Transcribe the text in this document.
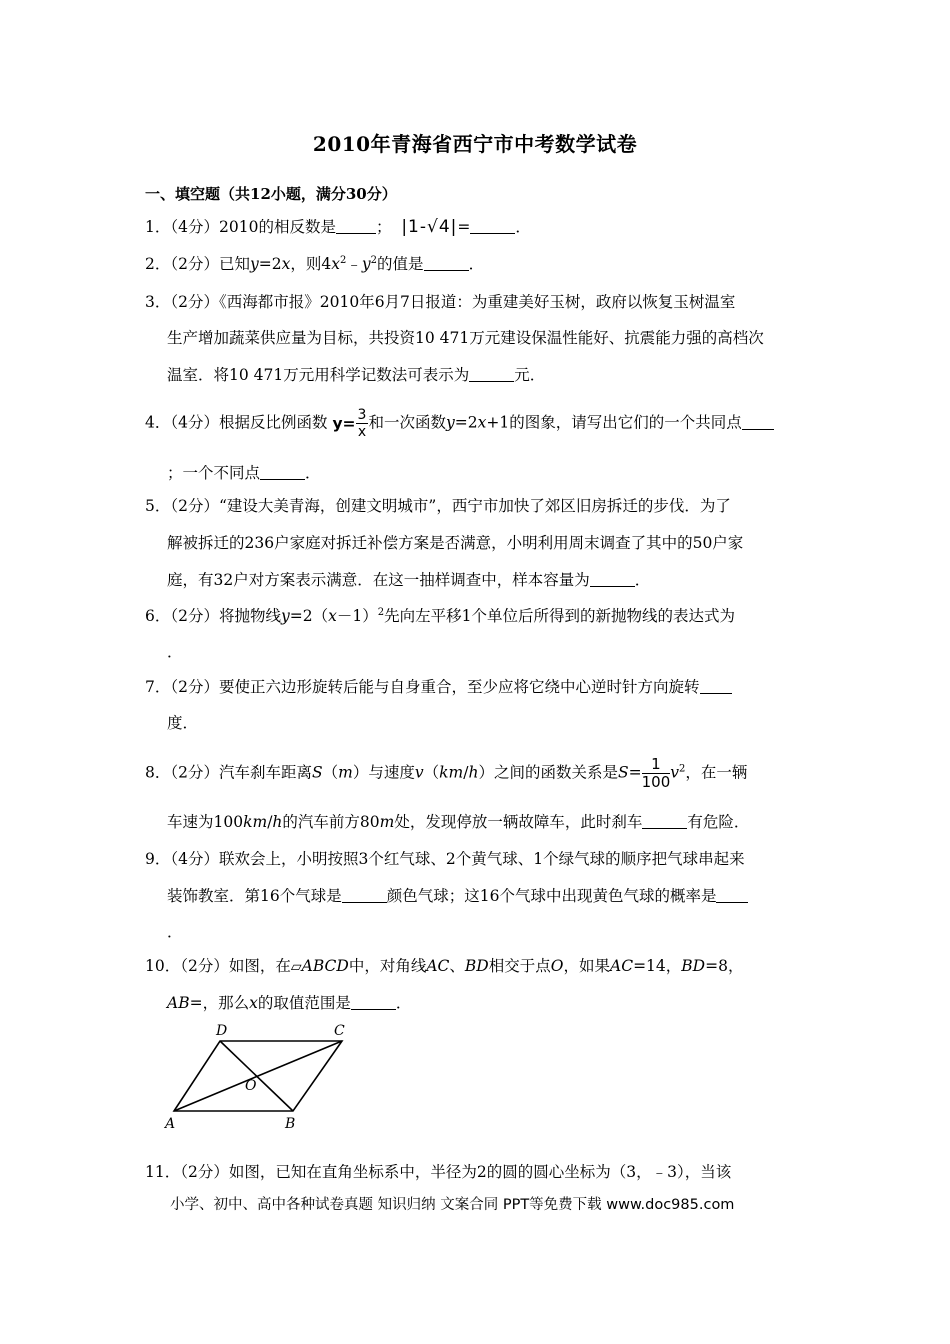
2010年青海省西宁市中考数学试卷
一、填空题（共12小题，满分30分）
1．（4分）2010的相反数是	； |1-√4|=	．
2．（2分）已知y=2x，则$4x^2﹣y^2$的值是	．
3．（2分）《西海都市报》2010年6月7日报道：为重建美好玉树，政府以恢复玉树温室
生产增加蔬菜供应量为目标，共投资10 471万元建设保温性能好、抗震能力强的高档次
温室．将10 471万元用科学记数法可表示为	元．
4．（4分）根据反比例函数 $y= \frac{3}{x}$ 和一次函数y=2x+1的图象，请写出它们的一个共同点
；一个不同点	．
5．（2分）“建设大美青海，创建文明城市”，西宁市加快了郊区旧房拆迁的步伐．为了
解被拆迁的236户家庭对拆迁补偿方案是否满意，小明利用周末调查了其中的50户家
庭，有32户对方案表示满意．在这一抽样调查中，样本容量为	．
6．（2分）将抛物线$y=2(x-1)^2$先向左平移1个单位后所得到的新抛物线的表达式为
．
7．（2分）要使正六边形旋转后能与自身重合，至少应将它绕中心逆时针方向旋转
度．
8．（2分）汽车刹车距离S（m）与速度v（km/h）之间的函数关系是$S= \frac{1}{100} v^2$，在一辆
车速为100km/h的汽车前方80m处，发现停放一辆故障车，此时刹车	有危险．
9．（4分）联欢会上，小明按照3个红气球、2个黄气球、1个绿气球的顺序把气球串起来
装饰教室．第16个气球是	颜色气球；这16个气球中出现黄色气球的概率是
．
10．（2分）如图，在▱ABCD中，对角线AC、BD相交于点O，如果AC=14，BD=8，
AB=，那么x的取值范围是	．
D	C
A	B
O
11．（2分）如图，已知在直角坐标系中，半径为2的圆的圆心坐标为（3，﹣3），当该
小学、初中、高中各种试卷真题 知识归纳 文案合同 PPT等免费下载 www.doc985.com
